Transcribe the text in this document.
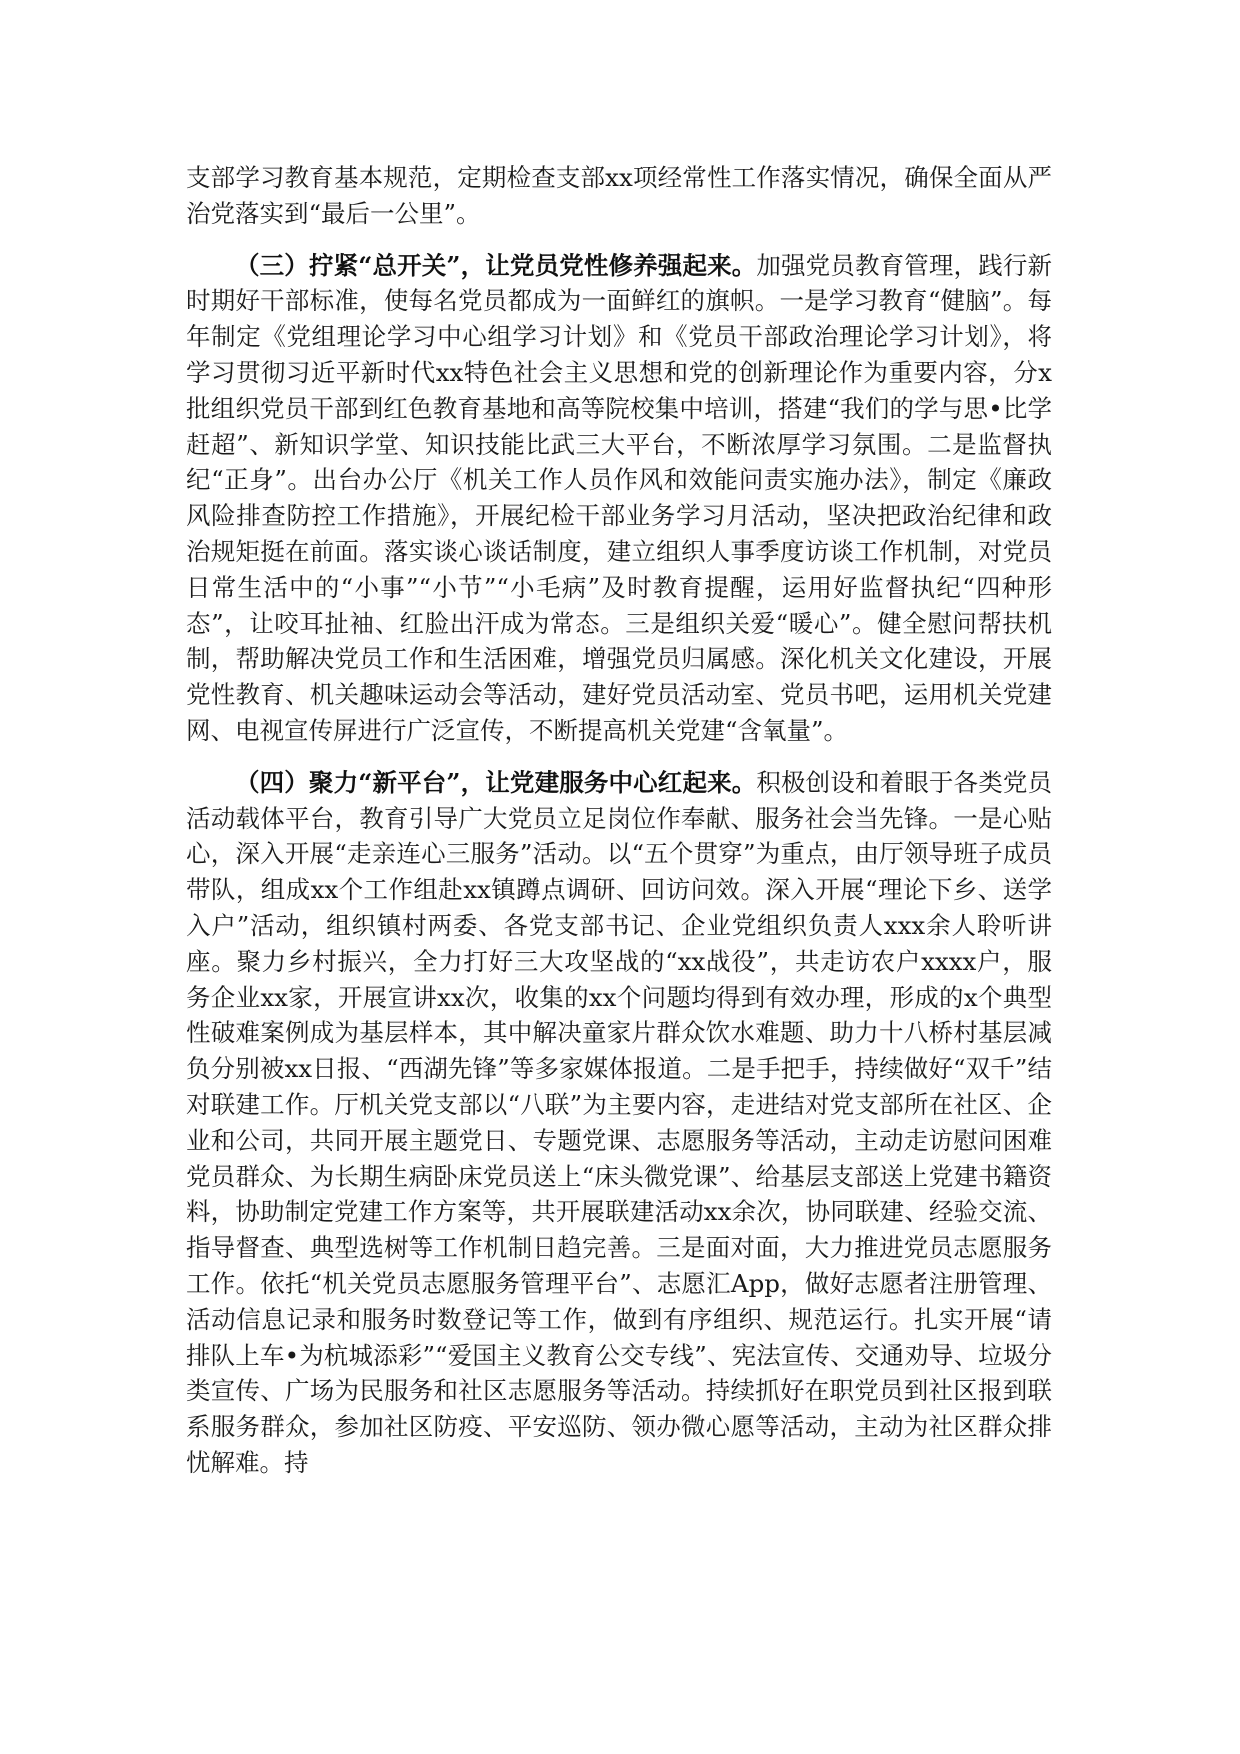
支部学习教育基本规范，定期检查支部xx项经常性工作落实情况，确保全面从严治党落实到“最后一公里”。

（三）拧紧“总开关”，让党员党性修养强起来。加强党员教育管理，践行新时期好干部标准，使每名党员都成为一面鲜红的旗帜。一是学习教育“健脑”。每年制定《党组理论学习中心组学习计划》和《党员干部政治理论学习计划》，将学习贯彻习近平新时代xx特色社会主义思想和党的创新理论作为重要内容，分x批组织党员干部到红色教育基地和高等院校集中培训，搭建“我们的学与思•比学赶超”、新知识学堂、知识技能比武三大平台，不断浓厚学习氛围。二是监督执纪“正身”。出台办公厅《机关工作人员作风和效能问责实施办法》，制定《廉政风险排查防控工作措施》，开展纪检干部业务学习月活动，坚决把政治纪律和政治规矩挺在前面。落实谈心谈话制度，建立组织人事季度访谈工作机制，对党员日常生活中的“小事”“小节”“小毛病”及时教育提醒，运用好监督执纪“四种形态”，让咬耳扯袖、红脸出汗成为常态。三是组织关爱“暖心”。健全慰问帮扶机制，帮助解决党员工作和生活困难，增强党员归属感。深化机关文化建设，开展党性教育、机关趣味运动会等活动，建好党员活动室、党员书吧，运用机关党建网、电视宣传屏进行广泛宣传，不断提高机关党建“含氧量”。

（四）聚力“新平台”，让党建服务中心红起来。积极创设和着眼于各类党员活动载体平台，教育引导广大党员立足岗位作奉献、服务社会当先锋。一是心贴心，深入开展“走亲连心三服务”活动。以“五个贯穿”为重点，由厅领导班子成员带队，组成xx个工作组赴xx镇蹲点调研、回访问效。深入开展“理论下乡、送学入户”活动，组织镇村两委、各党支部书记、企业党组织负责人xxx余人聆听讲座。聚力乡村振兴，全力打好三大攻坚战的“xx战役”，共走访农户xxxx户，服务企业xx家，开展宣讲xx次，收集的xx个问题均得到有效办理，形成的x个典型性破难案例成为基层样本，其中解决童家片群众饮水难题、助力十八桥村基层减负分别被xx日报、“西湖先锋”等多家媒体报道。二是手把手，持续做好“双千”结对联建工作。厅机关党支部以“八联”为主要内容，走进结对党支部所在社区、企业和公司，共同开展主题党日、专题党课、志愿服务等活动，主动走访慰问困难党员群众、为长期生病卧床党员送上“床头微党课”、给基层支部送上党建书籍资料，协助制定党建工作方案等，共开展联建活动xx余次，协同联建、经验交流、指导督查、典型选树等工作机制日趋完善。三是面对面，大力推进党员志愿服务工作。依托“机关党员志愿服务管理平台”、志愿汇App，做好志愿者注册管理、活动信息记录和服务时数登记等工作，做到有序组织、规范运行。扎实开展“请排队上车•为杭城添彩”“爱国主义教育公交专线”、宪法宣传、交通劝导、垃圾分类宣传、广场为民服务和社区志愿服务等活动。持续抓好在职党员到社区报到联系服务群众，参加社区防疫、平安巡防、领办微心愿等活动，主动为社区群众排忧解难。持
